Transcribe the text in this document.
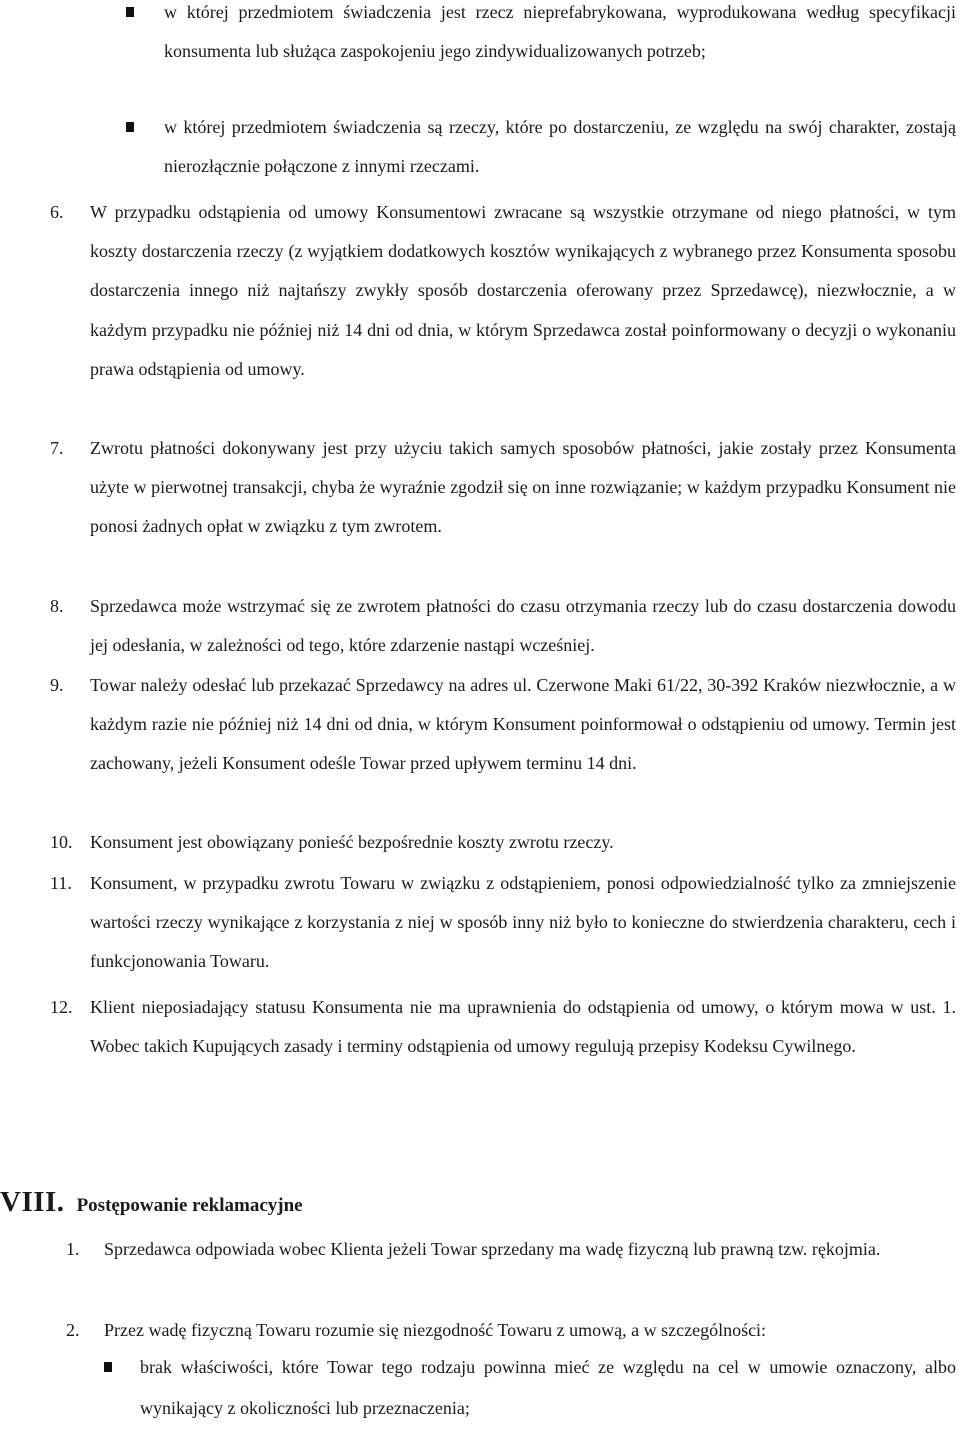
w której przedmiotem świadczenia jest rzecz nieprefabrykowana, wyprodukowana według specyfikacji konsumenta lub służąca zaspokojeniu jego zindywidualizowanych potrzeb;
w której przedmiotem świadczenia są rzeczy, które po dostarczeniu, ze względu na swój charakter, zostają nierozłącznie połączone z innymi rzeczami.
6.	W przypadku odstąpienia od umowy Konsumentowi zwracane są wszystkie otrzymane od niego płatności, w tym koszty dostarczenia rzeczy (z wyjątkiem dodatkowych kosztów wynikających z wybranego przez Konsumenta sposobu dostarczenia innego niż najtańszy zwykły sposób dostarczenia oferowany przez Sprzedawcę), niezwłocznie, a w każdym przypadku nie później niż 14 dni od dnia, w którym Sprzedawca został poinformowany o decyzji o wykonaniu prawa odstąpienia od umowy.
7.	Zwrotu płatności dokonywany jest przy użyciu takich samych sposobów płatności, jakie zostały przez Konsumenta użyte w pierwotnej transakcji, chyba że wyraźnie zgodził się on inne rozwiązanie; w każdym przypadku Konsument nie ponosi żadnych opłat w związku z tym zwrotem.
8.	Sprzedawca może wstrzymać się ze zwrotem płatności do czasu otrzymania rzeczy lub do czasu dostarczenia dowodu jej odesłania, w zależności od tego, które zdarzenie nastąpi wcześniej.
9.	Towar należy odesłać lub przekazać Sprzedawcy na adres ul. Czerwone Maki 61/22, 30-392 Kraków niezwłocznie, a w każdym razie nie później niż 14 dni od dnia, w którym Konsument poinformował o odstąpieniu od umowy. Termin jest zachowany, jeżeli Konsument odeśle Towar przed upływem terminu 14 dni.
10. Konsument jest obowiązany ponieść bezpośrednie koszty zwrotu rzeczy.
11.	Konsument, w przypadku zwrotu Towaru w związku z odstąpieniem, ponosi odpowiedzialność tylko za zmniejszenie wartości rzeczy wynikające z korzystania z niej w sposób inny niż było to konieczne do stwierdzenia charakteru, cech i funkcjonowania Towaru.
12. Klient nieposiadający statusu Konsumenta nie ma uprawnienia do odstąpienia od umowy, o którym mowa w ust. 1. Wobec takich Kupujących zasady i terminy odstąpienia od umowy regulują przepisy Kodeksu Cywilnego.
VIII. Postępowanie reklamacyjne
1.	Sprzedawca odpowiada wobec Klienta jeżeli Towar sprzedany ma wadę fizyczną lub prawną tzw. rękojmia.
2.	Przez wadę fizyczną Towaru rozumie się niezgodność Towaru z umową, a w szczególności:
brak właściwości, które Towar tego rodzaju powinna mieć ze względu na cel w umowie oznaczony, albo wynikający z okoliczności lub przeznaczenia;
